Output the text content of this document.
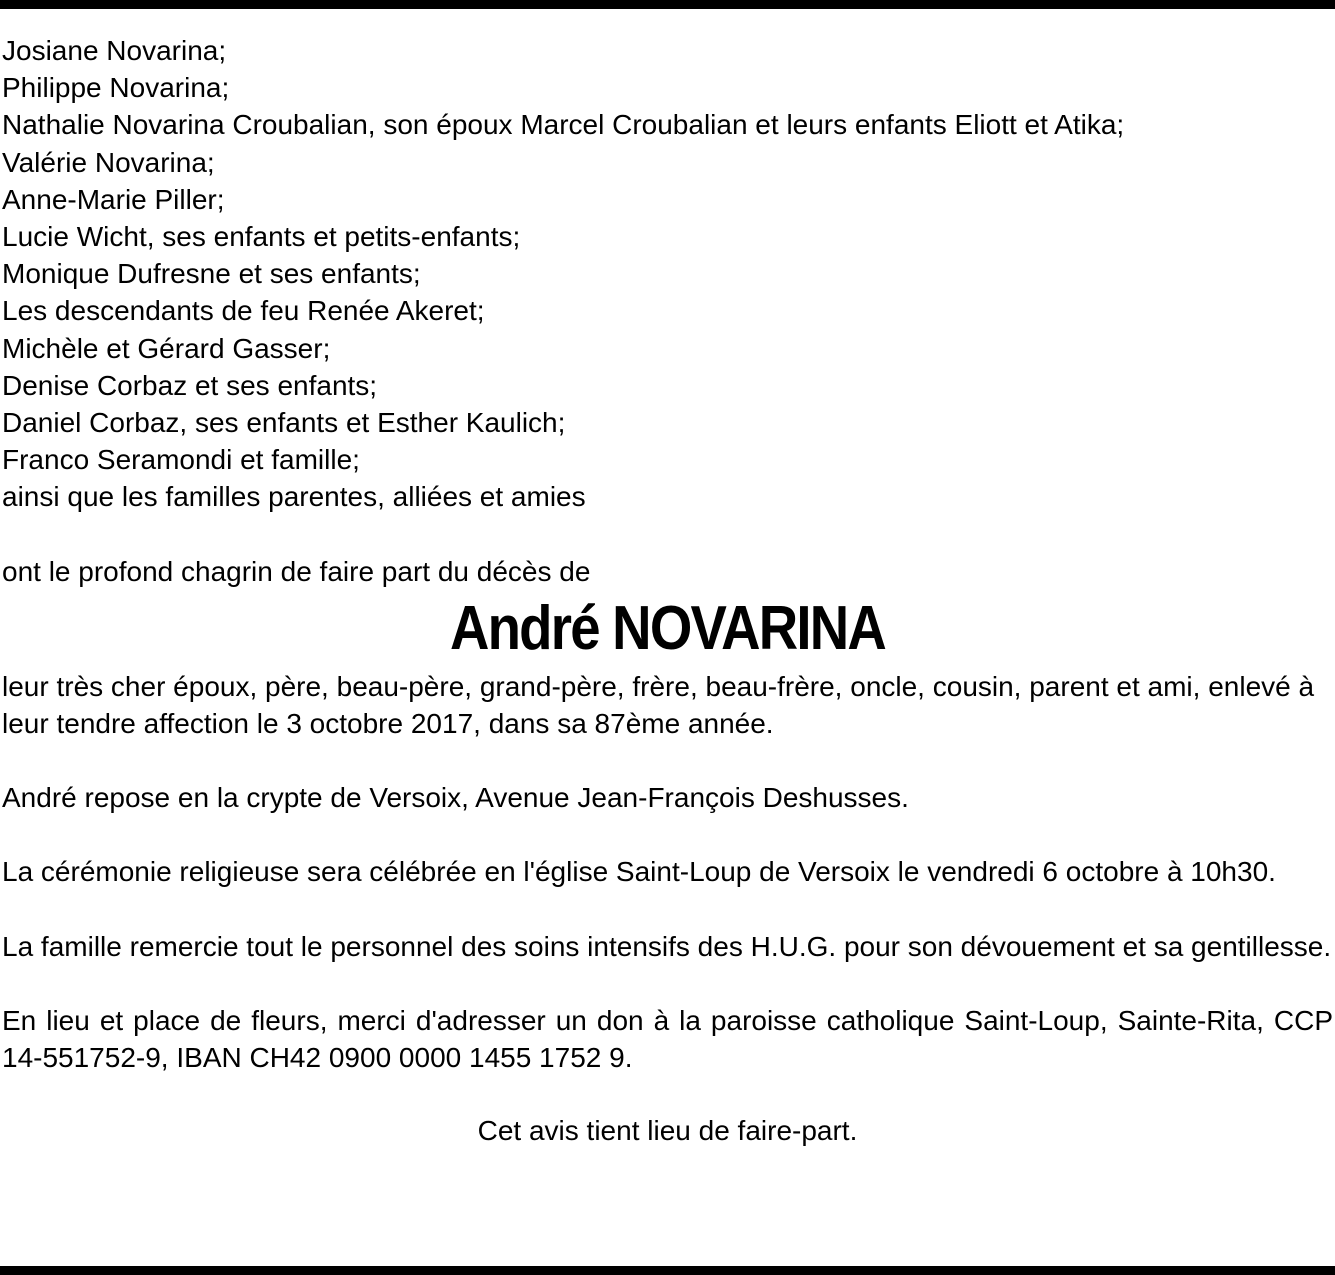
Josiane Novarina;
Philippe Novarina;
Nathalie Novarina Croubalian, son époux Marcel Croubalian et leurs enfants Eliott et Atika;
Valérie Novarina;
Anne-Marie Piller;
Lucie Wicht, ses enfants et petits-enfants;
Monique Dufresne et ses enfants;
Les descendants de feu Renée Akeret;
Michèle et Gérard Gasser;
Denise Corbaz et ses enfants;
Daniel Corbaz, ses enfants et Esther Kaulich;
Franco Seramondi et famille;
ainsi que les familles parentes, alliées et amies

ont le profond chagrin de faire part du décès de

André NOVARINA

leur très cher époux, père, beau-père, grand-père, frère, beau-frère, oncle, cousin, parent et ami, enlevé à leur tendre affection le 3 octobre 2017, dans sa 87ème année.

André repose en la crypte de Versoix, Avenue Jean-François Deshusses.

La cérémonie religieuse sera célébrée en l'église Saint-Loup de Versoix le vendredi 6 octobre à 10h30.

La famille remercie tout le personnel des soins intensifs des H.U.G. pour son dévouement et sa gentillesse.

En lieu et place de fleurs, merci d'adresser un don à la paroisse catholique Saint-Loup, Sainte-Rita, CCP 14-551752-9, IBAN CH42 0900 0000 1455 1752 9.

Cet avis tient lieu de faire-part.
